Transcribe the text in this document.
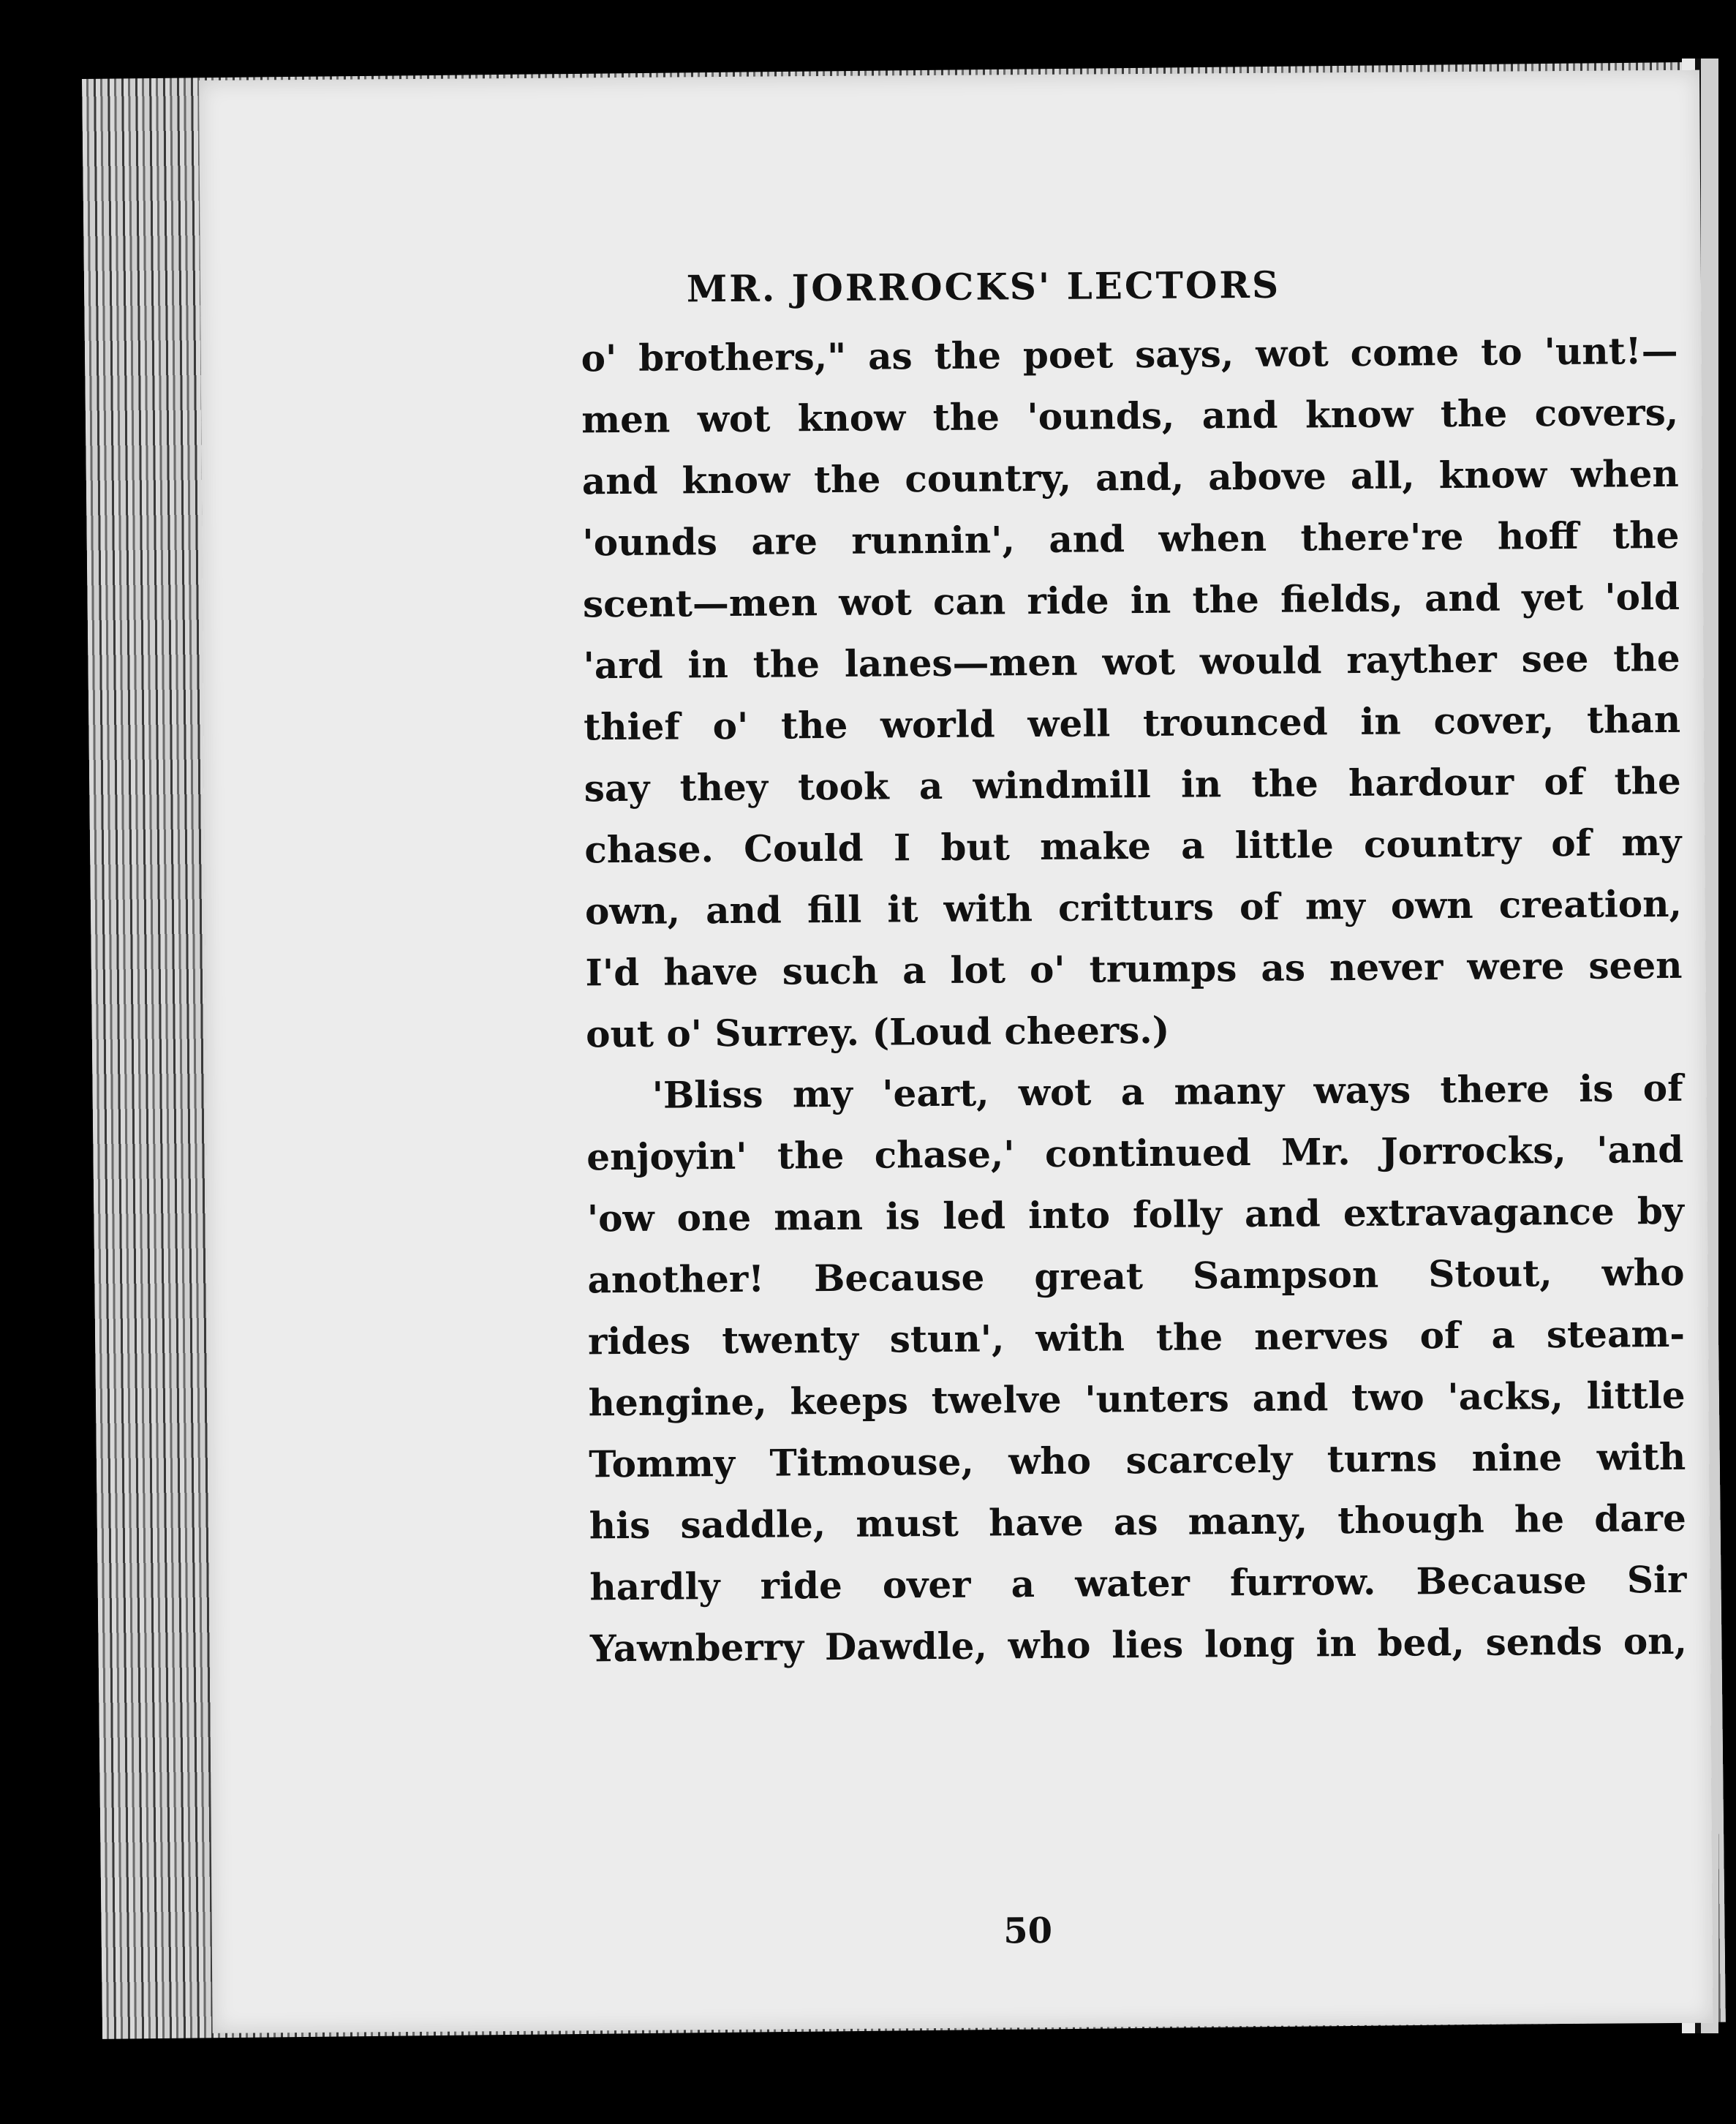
MR. JORROCKS' LECTORS

o' brothers," as the poet says, wot come to 'unt!—

men wot know the 'ounds, and know the covers,

and know the country, and, above all, know when

'ounds are runnin', and when there're hoff the

scent—men wot can ride in the fields, and yet 'old

'ard in the lanes—men wot would rayther see the

thief o' the world well trounced in cover, than

say they took a windmill in the hardour of the

chase. Could I but make a little country of my

own, and fill it with critturs of my own creation,

I'd have such a lot o' trumps as never were seen

out o' Surrey. (Loud cheers.)

'Bliss my 'eart, wot a many ways there is of

enjoyin' the chase,' continued Mr. Jorrocks, 'and

'ow one man is led into folly and extravagance by

another! Because great Sampson Stout, who

rides twenty stun', with the nerves of a steam-

hengine, keeps twelve 'unters and two 'acks, little

Tommy Titmouse, who scarcely turns nine with

his saddle, must have as many, though he dare

hardly ride over a water furrow. Because Sir

Yawnberry Dawdle, who lies long in bed, sends on,

50
